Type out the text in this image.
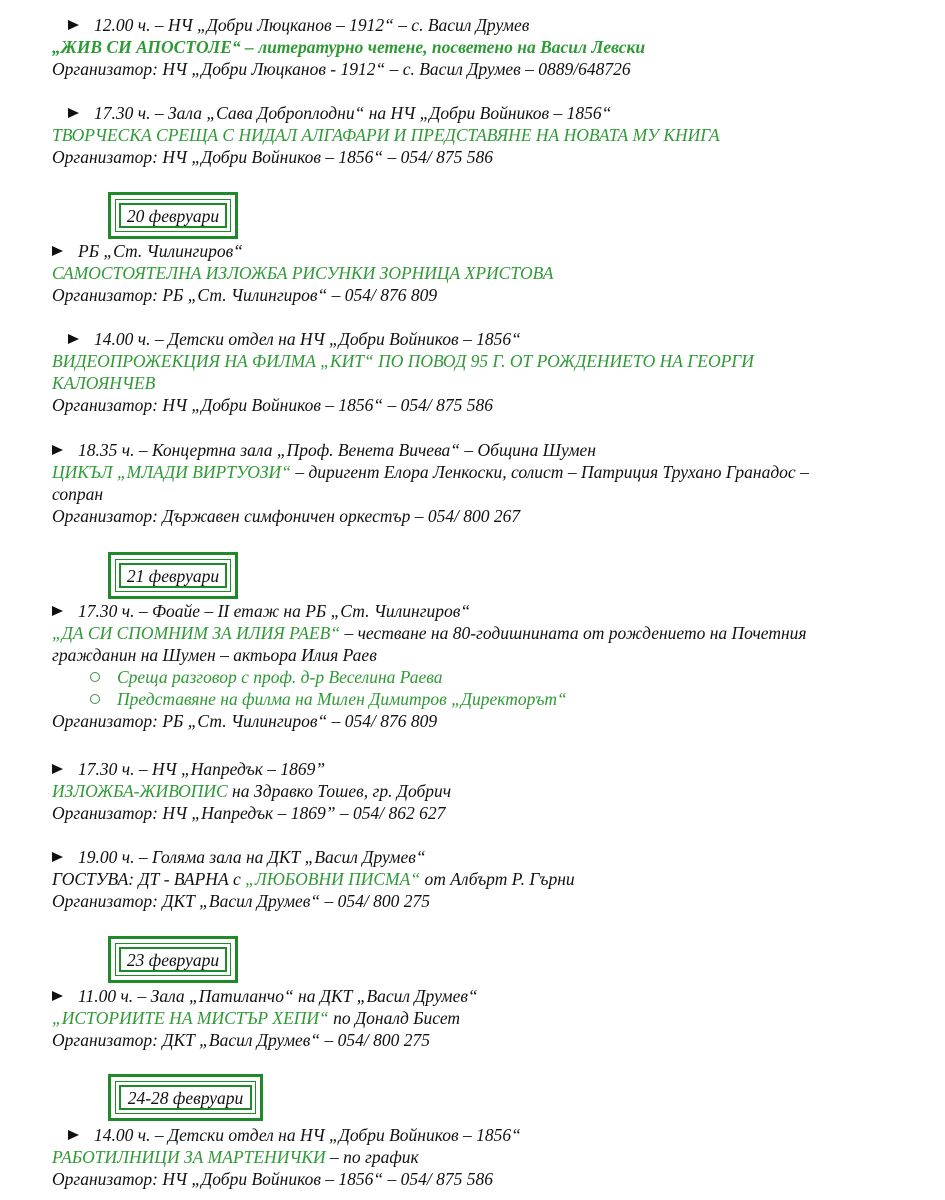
12.00 ч. – НЧ „Добри Люцканов – 1912“ – с. Васил Друмев
„ЖИВ СИ АПОСТОЛЕ“ – литературно четене, посветено на Васил Левски
Организатор: НЧ „Добри Люцканов - 1912“ – с. Васил Друмев – 0889/648726
17.30 ч. – Зала „Сава Доброплодни“ на НЧ „Добри Войников – 1856“
ТВОРЧЕСКА СРЕЩА С НИДАЛ АЛГАФАРИ И ПРЕДСТАВЯНЕ НА НОВАТА МУ КНИГА
Организатор: НЧ „Добри Войников – 1856“ – 054/ 875 586
20 февруари
РБ „Ст. Чилингиров“
САМОСТОЯТЕЛНА ИЗЛОЖБА РИСУНКИ ЗОРНИЦА ХРИСТОВА
Организатор: РБ „Ст. Чилингиров“ – 054/ 876 809
14.00 ч. – Детски отдел на НЧ „Добри Войников – 1856“
ВИДЕОПРОЖЕКЦИЯ НА ФИЛМА „КИТ“ ПО ПОВОД 95 Г. ОТ РОЖДЕНИЕТО НА ГЕОРГИ
КАЛОЯНЧЕВ
Организатор: НЧ „Добри Войников – 1856“ – 054/ 875 586
18.35 ч. – Концертна зала „Проф. Венета Вичева“ – Община Шумен
ЦИКЪЛ „МЛАДИ ВИРТУОЗИ“ – диригент Елора Ленкоски, солист – Патриция Трухано Гранадос –
сопран
Организатор: Държавен симфоничен оркестър – 054/ 800 267
21 февруари
17.30 ч. – Фоайе – II етаж на РБ „Ст. Чилингиров“
„ДА СИ СПОМНИМ ЗА ИЛИЯ РАЕВ“ – честване на 80-годишнината от рождението на Почетния
гражданин на Шумен – актьора Илия Раев
Среща разговор с проф. д-р Веселина Раева
Представяне на филма на Милен Димитров „Директорът“
Организатор: РБ „Ст. Чилингиров“ – 054/ 876 809
17.30 ч. – НЧ „Напредък – 1869”
ИЗЛОЖБА-ЖИВОПИС на Здравко Тошев, гр. Добрич
Организатор: НЧ „Напредък – 1869” – 054/ 862 627
19.00 ч. – Голяма зала на ДКТ „Васил Друмев“
ГОСТУВА: ДТ - ВАРНА с „ЛЮБОВНИ ПИСМА“ от Албърт Р. Гърни
Организатор: ДКТ „Васил Друмев“ – 054/ 800 275
23 февруари
11.00 ч. – Зала „Патиланчо“ на ДКТ „Васил Друмев“
„ИСТОРИИТЕ НА МИСТЪР ХЕПИ“ по Доналд Бисет
Организатор: ДКТ „Васил Друмев“ – 054/ 800 275
24-28 февруари
14.00 ч. – Детски отдел на НЧ „Добри Войников – 1856“
РАБОТИЛНИЦИ ЗА МАРТЕНИЧКИ – по график
Организатор: НЧ „Добри Войников – 1856“ – 054/ 875 586
